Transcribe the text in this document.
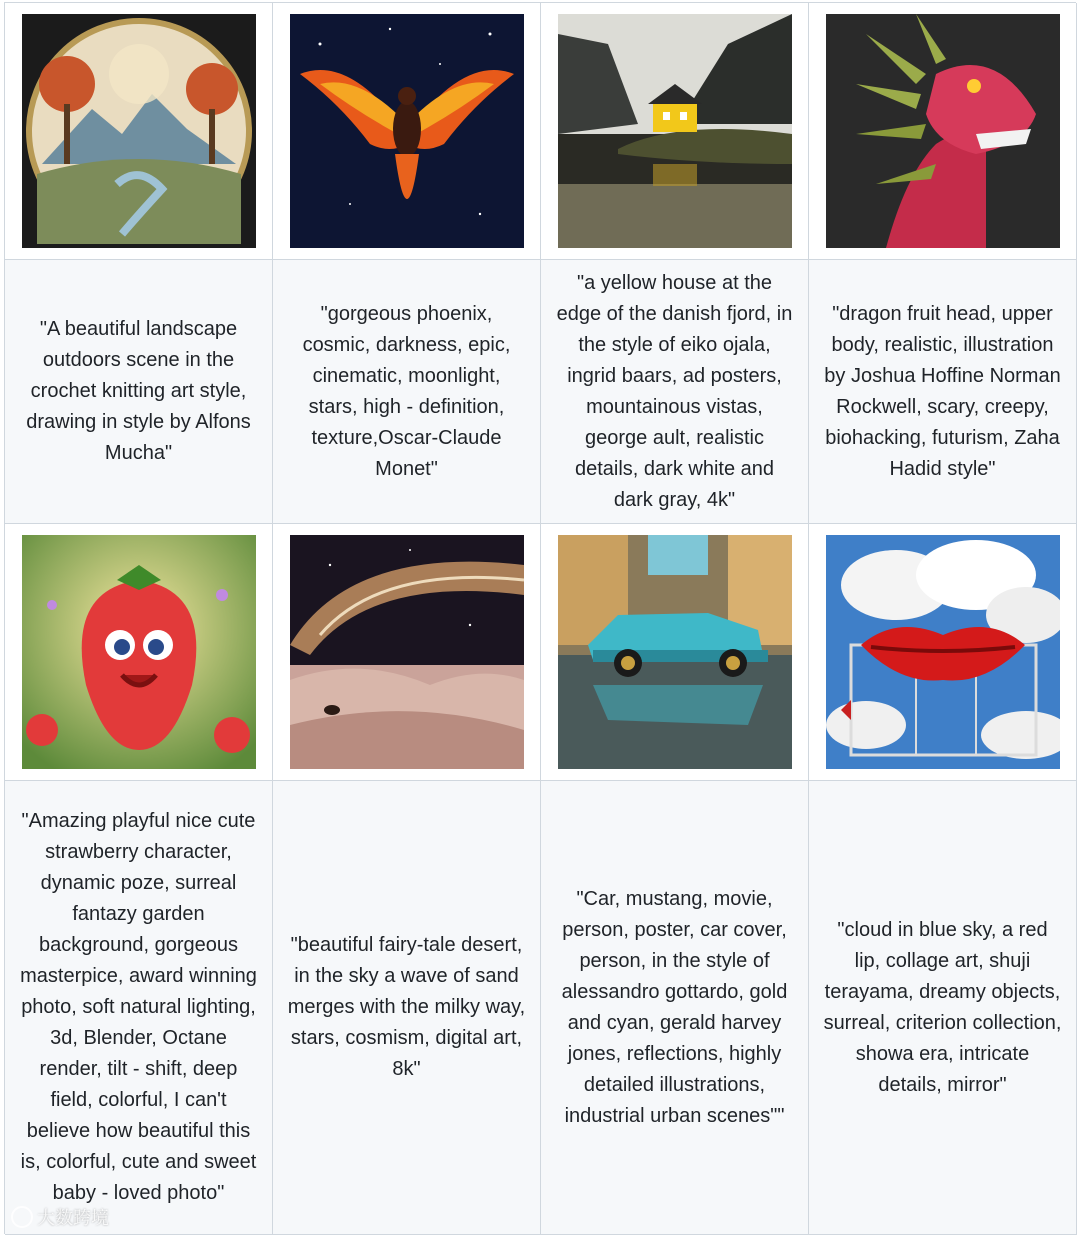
"A beautiful landscape outdoors scene in the crochet knitting art style, drawing in style by Alfons Mucha"

"gorgeous phoenix, cosmic, darkness, epic, cinematic, moonlight, stars, high - definition, texture,Oscar-Claude Monet"

"a yellow house at the edge of the danish fjord, in the style of eiko ojala, ingrid baars, ad posters, mountainous vistas, george ault, realistic details, dark white and dark gray, 4k"

"dragon fruit head, upper body, realistic, illustration by Joshua Hoffine Norman Rockwell, scary, creepy, biohacking, futurism, Zaha Hadid style"

"Amazing playful nice cute strawberry character, dynamic poze, surreal fantazy garden background, gorgeous masterpice, award winning photo, soft natural lighting, 3d, Blender, Octane render, tilt - shift, deep field, colorful, I can't believe how beautiful this is, colorful, cute and sweet baby - loved photo"

"beautiful fairy-tale desert, in the sky a wave of sand merges with the milky way, stars, cosmism, digital art, 8k"

"Car, mustang, movie, person, poster, car cover, person, in the style of alessandro gottardo, gold and cyan, gerald harvey jones, reflections, highly detailed illustrations, industrial urban scenes""

"cloud in blue sky, a red lip, collage art, shuji terayama, dreamy objects, surreal, criterion collection, showa era, intricate details, mirror"

大数跨境
